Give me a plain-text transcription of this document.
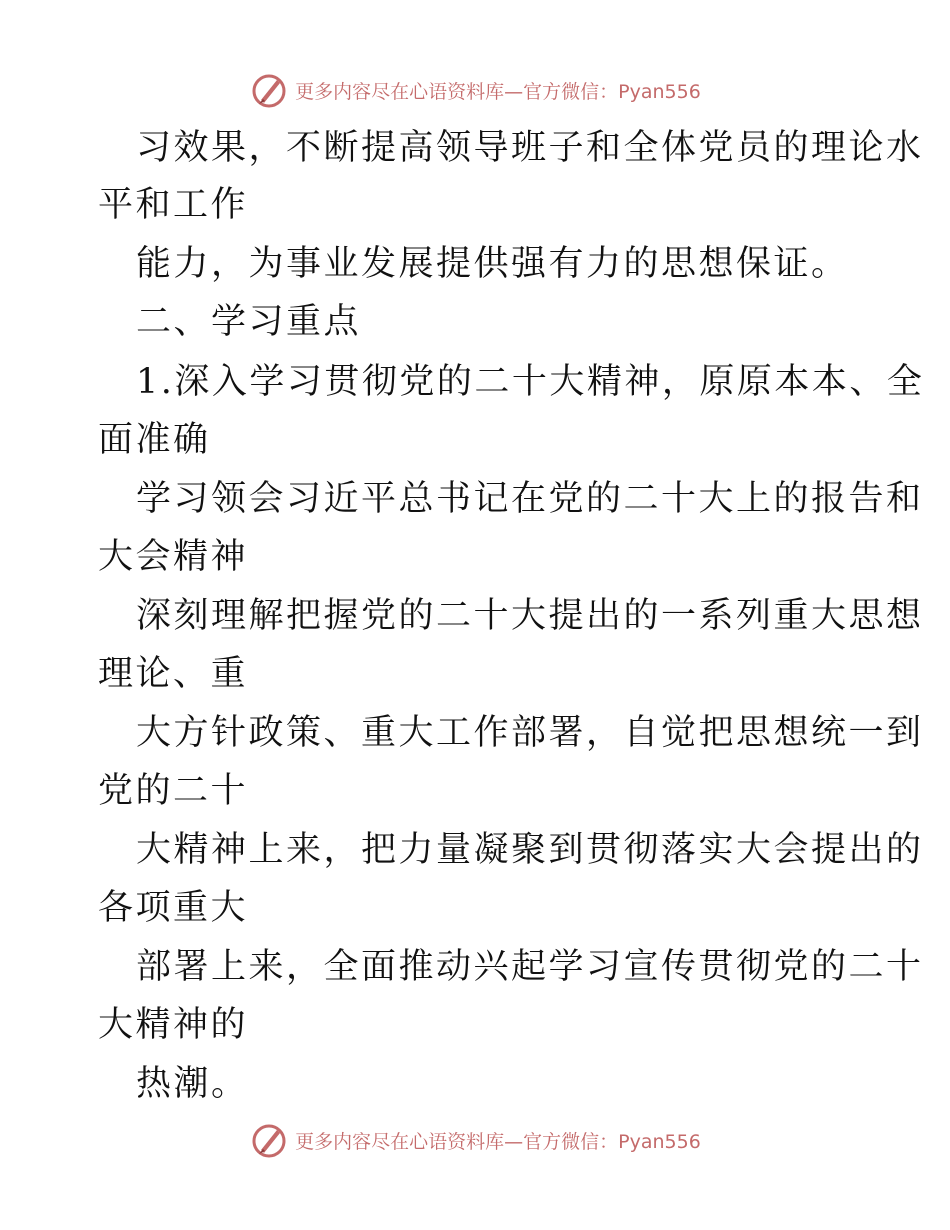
更多内容尽在心语资料库—官方微信：Pyan556
习效果，不断提高领导班子和全体党员的理论水
平和工作
能力，为事业发展提供强有力的思想保证。
二、学习重点
1.深入学习贯彻党的二十大精神，原原本本、全
面准确
学习领会习近平总书记在党的二十大上的报告和
大会精神
深刻理解把握党的二十大提出的一系列重大思想
理论、重
大方针政策、重大工作部署，自觉把思想统一到
党的二十
大精神上来，把力量凝聚到贯彻落实大会提出的
各项重大
部署上来，全面推动兴起学习宣传贯彻党的二十
大精神的
热潮。
更多内容尽在心语资料库—官方微信：Pyan556
